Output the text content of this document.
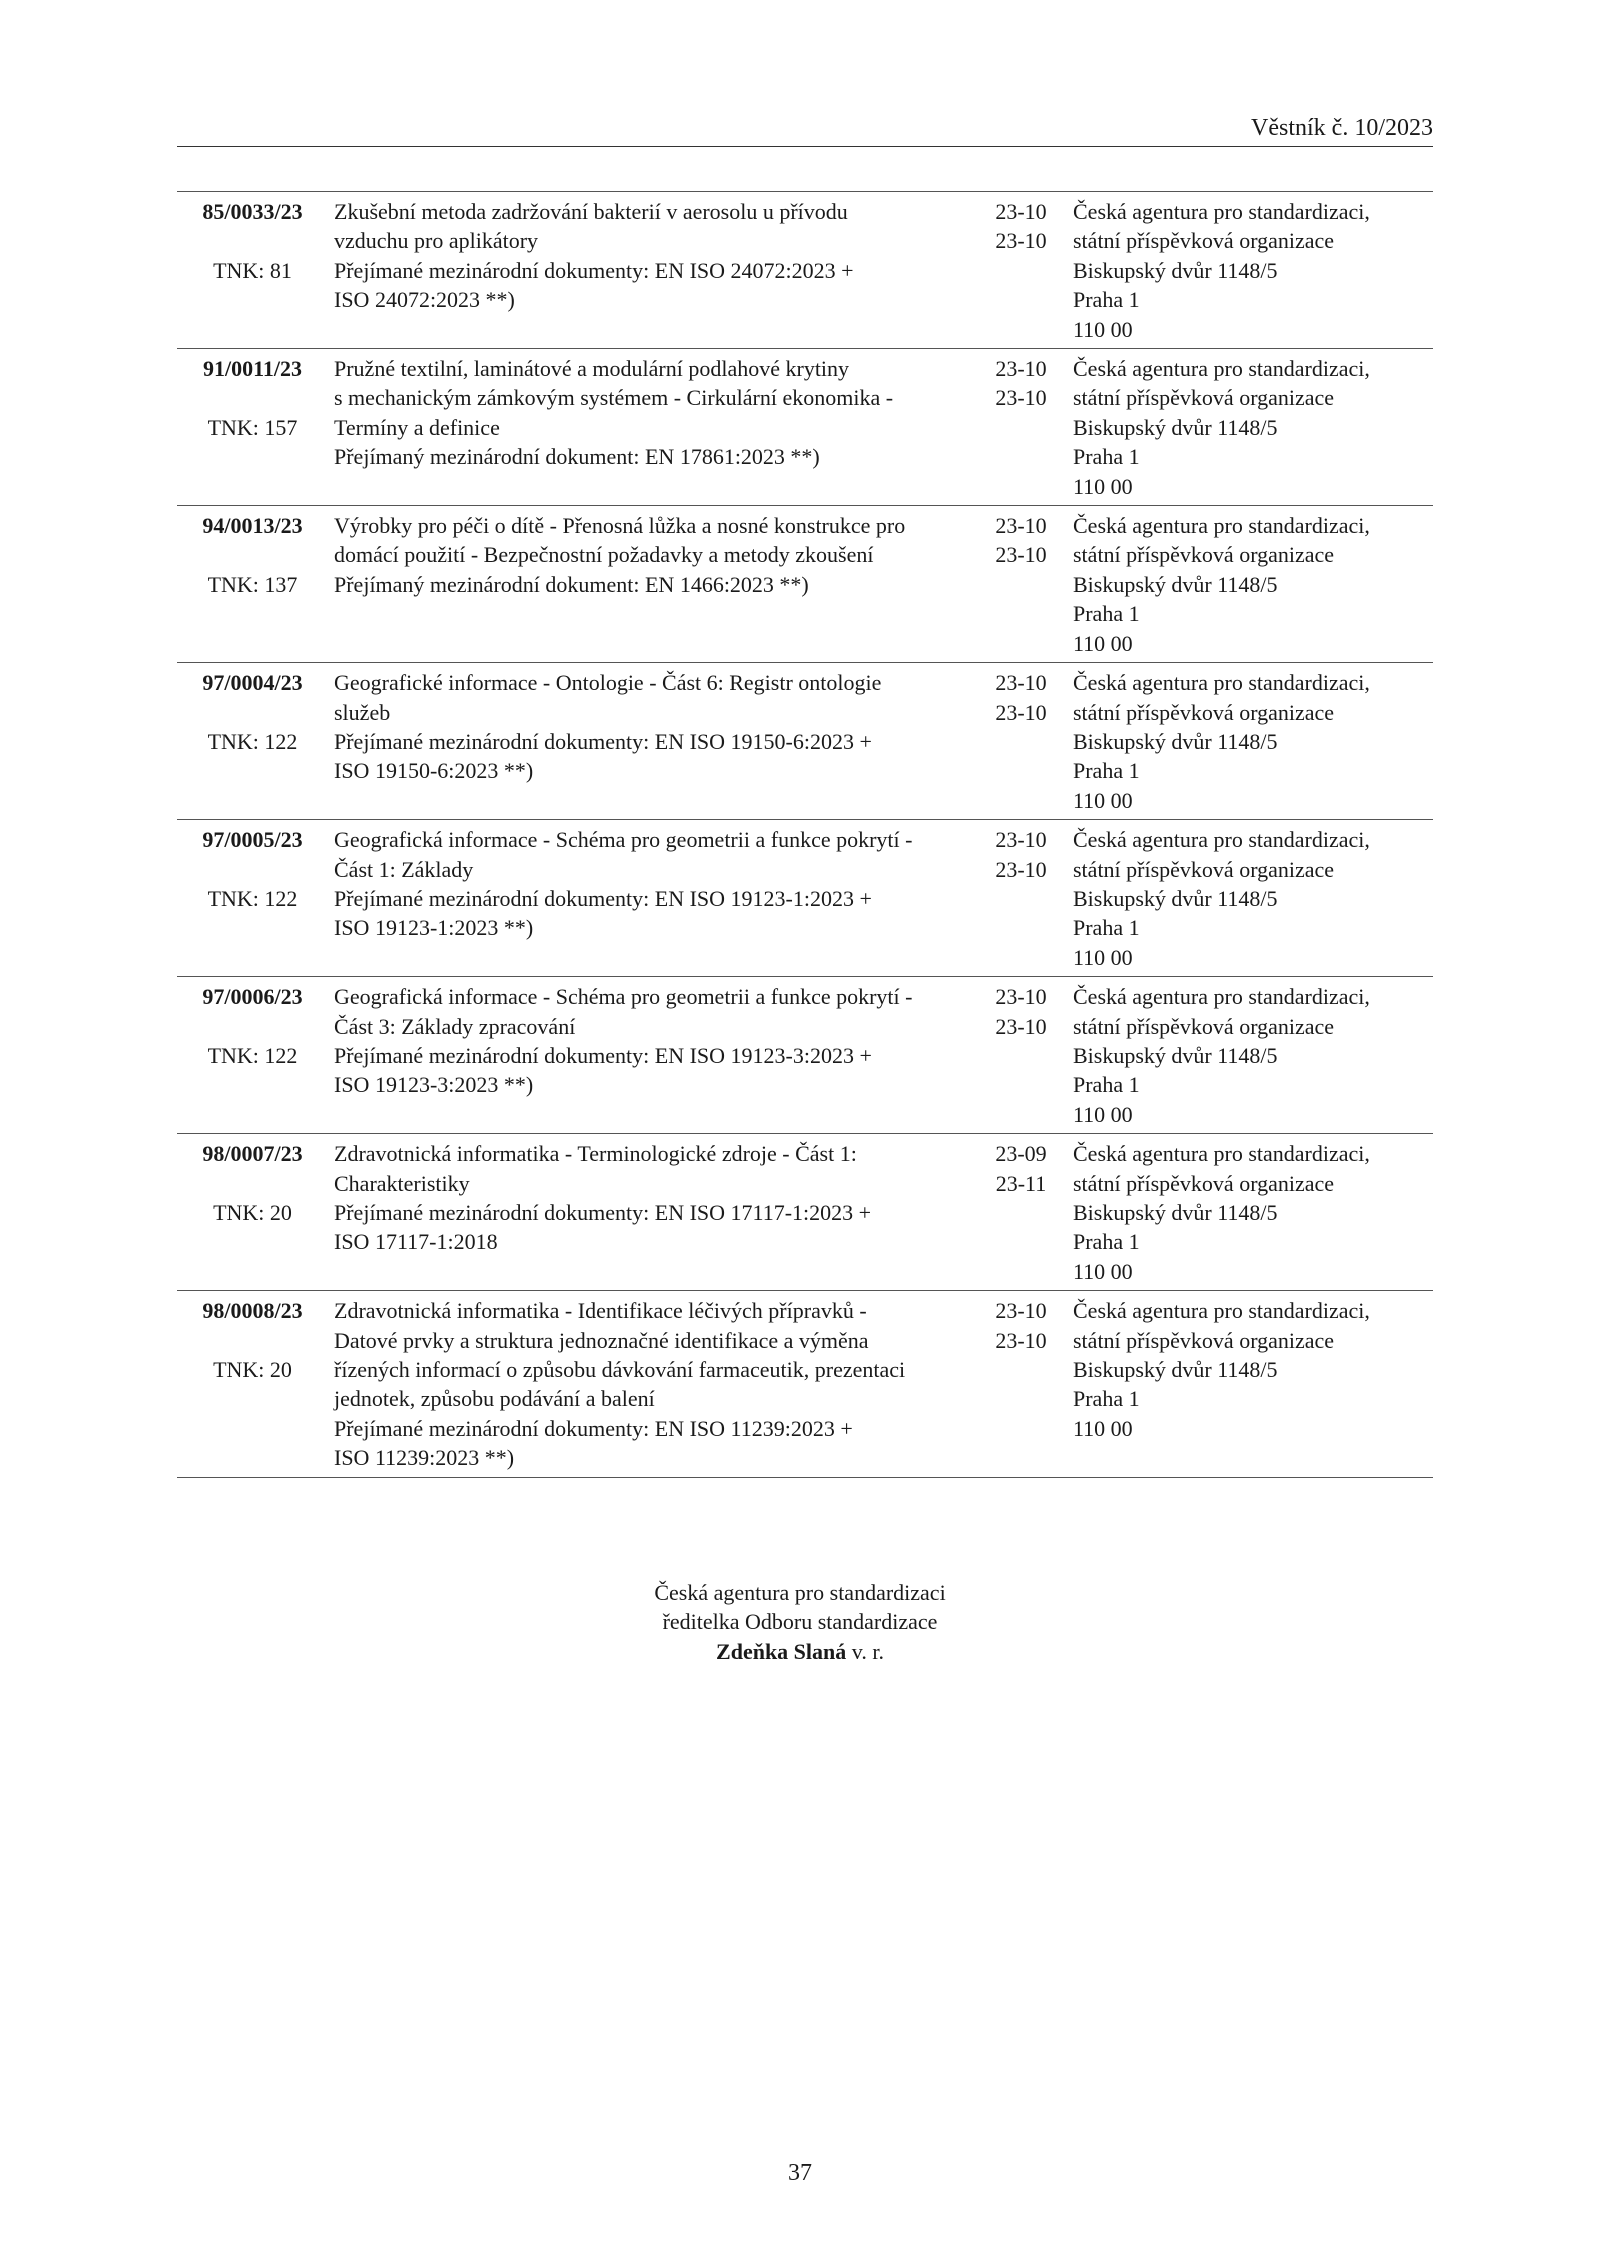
Věstník č. 10/2023
85/0033/23
TNK: 81
Zkušební metoda zadržování bakterií v aerosolu u přívodu
vzduchu pro aplikátory
Přejímané mezinárodní dokumenty: EN ISO 24072:2023 +
ISO 24072:2023 **)
23-10
23-10
Česká agentura pro standardizaci,
státní příspěvková organizace
Biskupský dvůr 1148/5
Praha 1
110 00
91/0011/23
TNK: 157
Pružné textilní, laminátové a modulární podlahové krytiny
s mechanickým zámkovým systémem - Cirkulární ekonomika -
Termíny a definice
Přejímaný mezinárodní dokument: EN 17861:2023 **)
23-10
23-10
Česká agentura pro standardizaci,
státní příspěvková organizace
Biskupský dvůr 1148/5
Praha 1
110 00
94/0013/23
TNK: 137
Výrobky pro péči o dítě - Přenosná lůžka a nosné konstrukce pro
domácí použití - Bezpečnostní požadavky a metody zkoušení
Přejímaný mezinárodní dokument: EN 1466:2023 **)
23-10
23-10
Česká agentura pro standardizaci,
státní příspěvková organizace
Biskupský dvůr 1148/5
Praha 1
110 00
97/0004/23
TNK: 122
Geografické informace - Ontologie - Část 6: Registr ontologie
služeb
Přejímané mezinárodní dokumenty: EN ISO 19150-6:2023 +
ISO 19150-6:2023 **)
23-10
23-10
Česká agentura pro standardizaci,
státní příspěvková organizace
Biskupský dvůr 1148/5
Praha 1
110 00
97/0005/23
TNK: 122
Geografická informace - Schéma pro geometrii a funkce pokrytí -
Část 1: Základy
Přejímané mezinárodní dokumenty: EN ISO 19123-1:2023 +
ISO 19123-1:2023 **)
23-10
23-10
Česká agentura pro standardizaci,
státní příspěvková organizace
Biskupský dvůr 1148/5
Praha 1
110 00
97/0006/23
TNK: 122
Geografická informace - Schéma pro geometrii a funkce pokrytí -
Část 3: Základy zpracování
Přejímané mezinárodní dokumenty: EN ISO 19123-3:2023 +
ISO 19123-3:2023 **)
23-10
23-10
Česká agentura pro standardizaci,
státní příspěvková organizace
Biskupský dvůr 1148/5
Praha 1
110 00
98/0007/23
TNK: 20
Zdravotnická informatika - Terminologické zdroje - Část 1:
Charakteristiky
Přejímané mezinárodní dokumenty: EN ISO 17117-1:2023 +
ISO 17117-1:2018
23-09
23-11
Česká agentura pro standardizaci,
státní příspěvková organizace
Biskupský dvůr 1148/5
Praha 1
110 00
98/0008/23
TNK: 20
Zdravotnická informatika - Identifikace léčivých přípravků -
Datové prvky a struktura jednoznačné identifikace a výměna
řízených informací o způsobu dávkování farmaceutik, prezentaci
jednotek, způsobu podávání a balení
Přejímané mezinárodní dokumenty: EN ISO 11239:2023 +
ISO 11239:2023 **)
23-10
23-10
Česká agentura pro standardizaci,
státní příspěvková organizace
Biskupský dvůr 1148/5
Praha 1
110 00
Česká agentura pro standardizaci
ředitelka Odboru standardizace
Zdeňka Slaná v. r.
37
